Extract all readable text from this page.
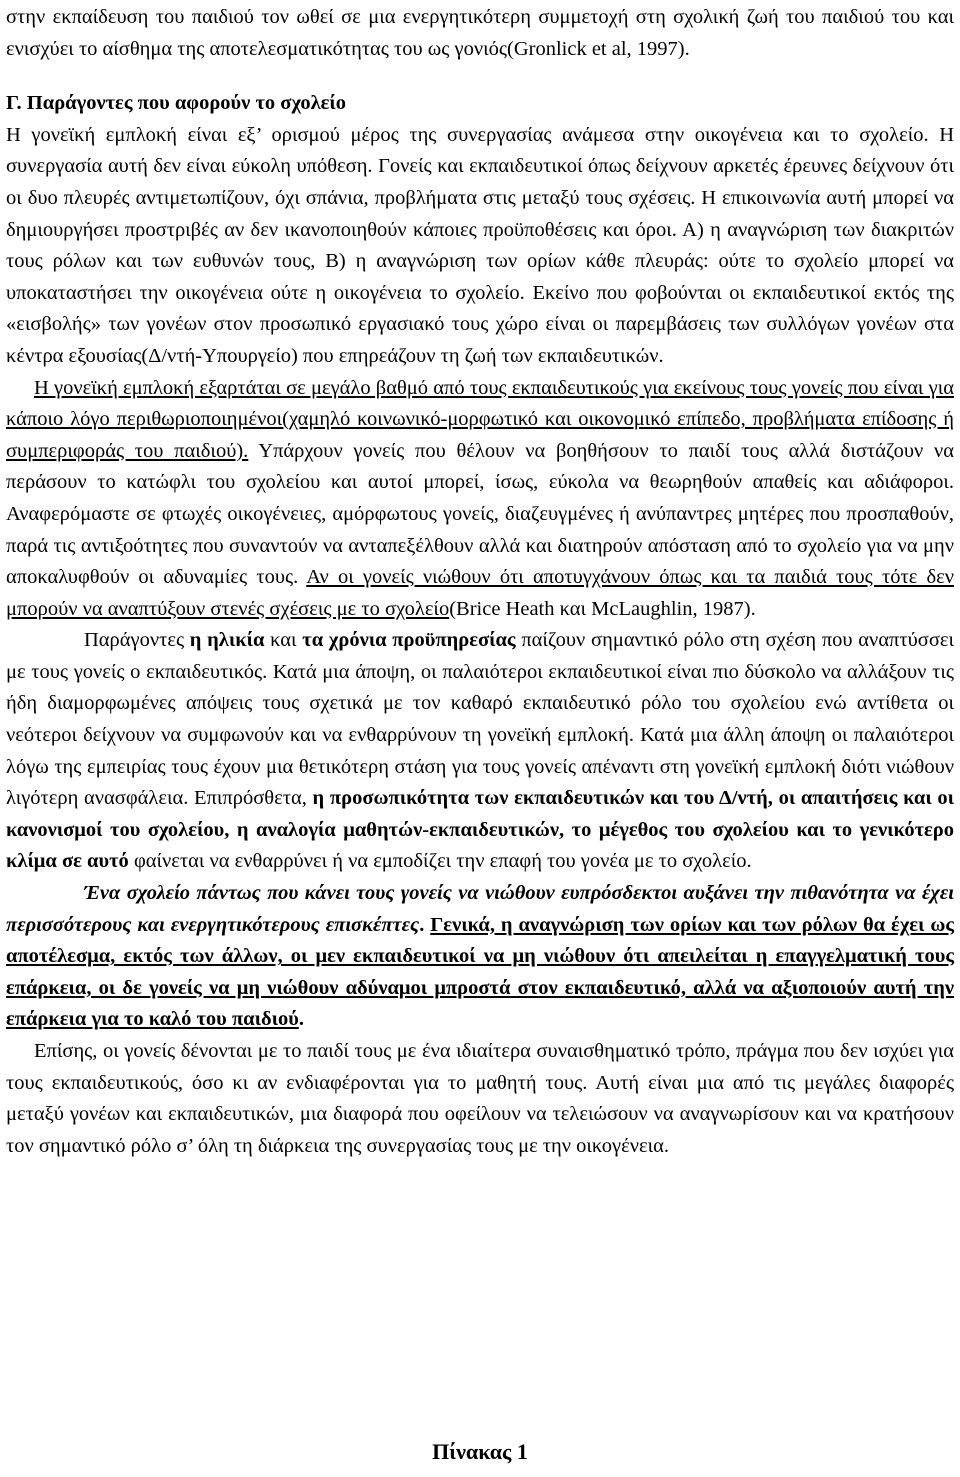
στην εκπαίδευση του παιδιού τον ωθεί σε μια ενεργητικότερη συμμετοχή στη σχολική ζωή του παιδιού του και ενισχύει το αίσθημα της αποτελεσματικότητας του ως γονιός(Gronlick et al, 1997).

Γ. Παράγοντες που αφορούν το σχολείο

Η γονεϊκή εμπλοκή είναι εξ’ ορισμού μέρος της συνεργασίας ανάμεσα στην οικογένεια και το σχολείο. Η συνεργασία αυτή δεν είναι εύκολη υπόθεση. Γονείς και εκπαιδευτικοί όπως δείχνουν αρκετές έρευνες δείχνουν ότι οι δυο πλευρές αντιμετωπίζουν, όχι σπάνια, προβλήματα στις μεταξύ τους σχέσεις. Η επικοινωνία αυτή μπορεί να δημιουργήσει προστριβές αν δεν ικανοποιηθούν κάποιες προϋποθέσεις και όροι. Α) η αναγνώριση των διακριτών τους ρόλων και των ευθυνών τους, Β) η αναγνώριση των ορίων κάθε πλευράς: ούτε το σχολείο μπορεί να υποκαταστήσει την οικογένεια ούτε η οικογένεια το σχολείο. Εκείνο που φοβούνται οι εκπαιδευτικοί εκτός της «εισβολής» των γονέων στον προσωπικό εργασιακό τους χώρο είναι οι παρεμβάσεις των συλλόγων γονέων στα κέντρα εξουσίας(Δ/ντή-Υπουργείο) που επηρεάζουν τη ζωή των εκπαιδευτικών.

Η γονεϊκή εμπλοκή εξαρτάται σε μεγάλο βαθμό από τους εκπαιδευτικούς για εκείνους τους γονείς που είναι για κάποιο λόγο περιθωριοποιημένοι(χαμηλό κοινωνικό-μορφωτικό και οικονομικό επίπεδο, προβλήματα επίδοσης ή συμπεριφοράς του παιδιού). Υπάρχουν γονείς που θέλουν να βοηθήσουν το παιδί τους αλλά διστάζουν να περάσουν το κατώφλι του σχολείου και αυτοί μπορεί, ίσως, εύκολα να θεωρηθούν απαθείς και αδιάφοροι. Αναφερόμαστε σε φτωχές οικογένειες, αμόρφωτους γονείς, διαζευγμένες ή ανύπαντρες μητέρες που προσπαθούν, παρά τις αντιξοότητες που συναντούν να ανταπεξέλθουν αλλά και διατηρούν απόσταση από το σχολείο για να μην αποκαλυφθούν οι αδυναμίες τους. Αν οι γονείς νιώθουν ότι αποτυγχάνουν όπως και τα παιδιά τους τότε δεν μπορούν να αναπτύξουν στενές σχέσεις με το σχολείο(Brice Heath και McLaughlin, 1987).

Παράγοντες η ηλικία και τα χρόνια προϋπηρεσίας παίζουν σημαντικό ρόλο στη σχέση που αναπτύσσει με τους γονείς ο εκπαιδευτικός. Κατά μια άποψη, οι παλαιότεροι εκπαιδευτικοί είναι πιο δύσκολο να αλλάξουν τις ήδη διαμορφωμένες απόψεις τους σχετικά με τον καθαρό εκπαιδευτικό ρόλο του σχολείου ενώ αντίθετα οι νεότεροι δείχνουν να συμφωνούν και να ενθαρρύνουν τη γονεϊκή εμπλοκή. Κατά μια άλλη άποψη οι παλαιότεροι λόγω της εμπειρίας τους έχουν μια θετικότερη στάση για τους γονείς απέναντι στη γονεϊκή εμπλοκή διότι νιώθουν λιγότερη ανασφάλεια. Επιπρόσθετα, η προσωπικότητα των εκπαιδευτικών και του Δ/ντή, οι απαιτήσεις και οι κανονισμοί του σχολείου, η αναλογία μαθητών-εκπαιδευτικών, το μέγεθος του σχολείου και το γενικότερο κλίμα σε αυτό φαίνεται να ενθαρρύνει ή να εμποδίζει την επαφή του γονέα με το σχολείο.

Ένα σχολείο πάντως που κάνει τους γονείς να νιώθουν ευπρόσδεκτοι αυξάνει την πιθανότητα να έχει περισσότερους και ενεργητικότερους επισκέπτες. Γενικά, η αναγνώριση των ορίων και των ρόλων θα έχει ως αποτέλεσμα, εκτός των άλλων, οι μεν εκπαιδευτικοί να μη νιώθουν ότι απειλείται η επαγγελματική τους επάρκεια, οι δε γονείς να μη νιώθουν αδύναμοι μπροστά στον εκπαιδευτικό, αλλά να αξιοποιούν αυτή την επάρκεια για το καλό του παιδιού.

Επίσης, οι γονείς δένονται με το παιδί τους με ένα ιδιαίτερα συναισθηματικό τρόπο, πράγμα που δεν ισχύει για τους εκπαιδευτικούς, όσο κι αν ενδιαφέρονται για το μαθητή τους. Αυτή είναι μια από τις μεγάλες διαφορές μεταξύ γονέων και εκπαιδευτικών, μια διαφορά που οφείλουν να τελειώσουν να αναγνωρίσουν και να κρατήσουν τον σημαντικό ρόλο σ’ όλη τη διάρκεια της συνεργασίας τους με την οικογένεια.

Πίνακας 1
